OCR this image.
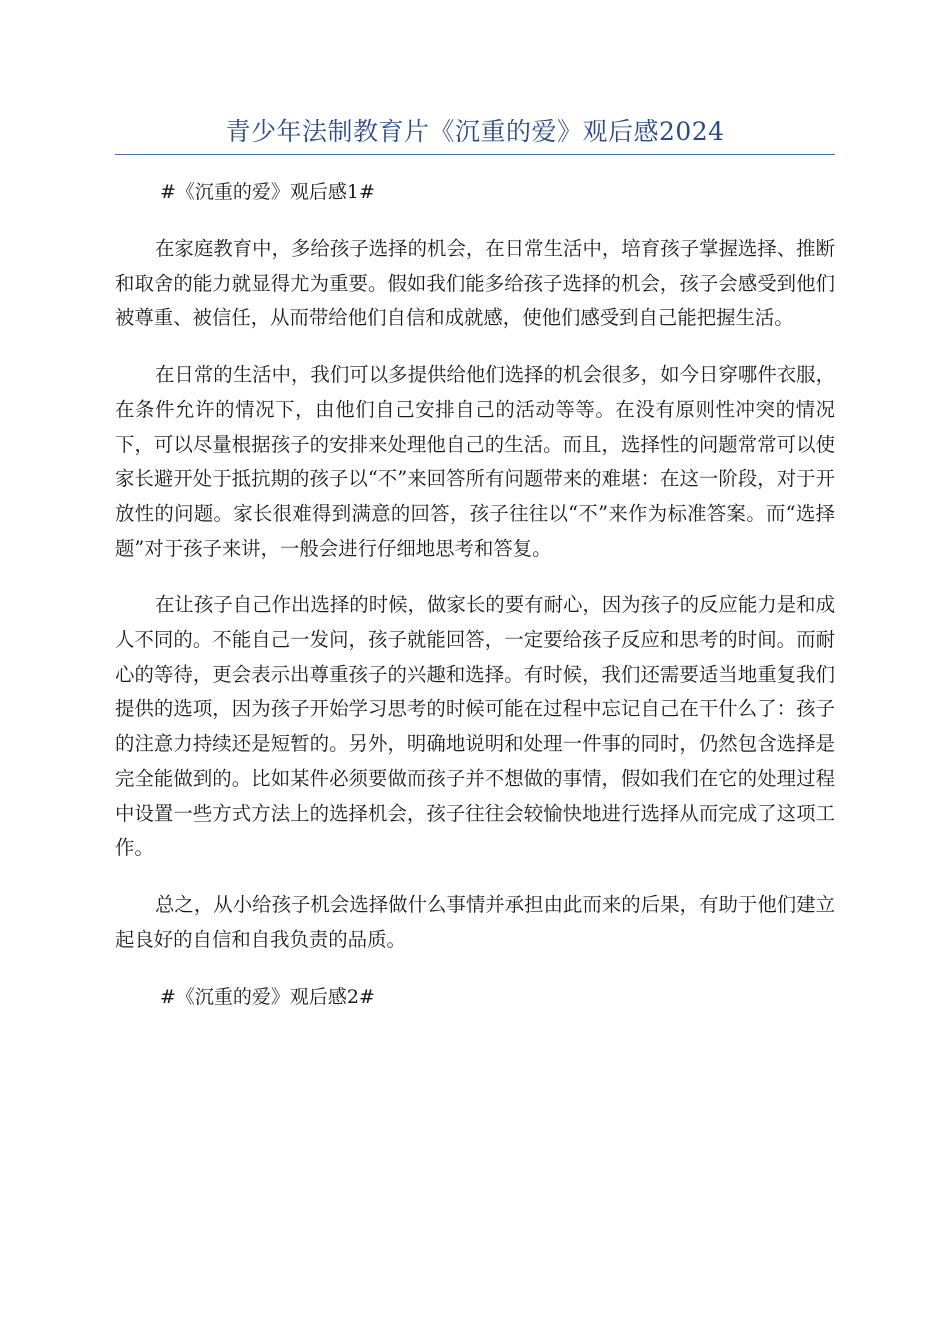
青少年法制教育片《沉重的爱》观后感2024
#《沉重的爱》观后感1#

在家庭教育中，多给孩子选择的机会，在日常生活中，培育孩子掌握选择、推断和取舍的能力就显得尤为重要。假如我们能多给孩子选择的机会，孩子会感受到他们被尊重、被信任，从而带给他们自信和成就感，使他们感受到自己能把握生活。

在日常的生活中，我们可以多提供给他们选择的机会很多，如今日穿哪件衣服，在条件允许的情况下，由他们自己安排自己的活动等等。在没有原则性冲突的情况下，可以尽量根据孩子的安排来处理他自己的生活。而且，选择性的问题常常可以使家长避开处于抵抗期的孩子以“不”来回答所有问题带来的难堪：在这一阶段，对于开放性的问题。家长很难得到满意的回答，孩子往往以“不”来作为标准答案。而“选择题”对于孩子来讲，一般会进行仔细地思考和答复。

在让孩子自己作出选择的时候，做家长的要有耐心，因为孩子的反应能力是和成人不同的。不能自己一发问，孩子就能回答，一定要给孩子反应和思考的时间。而耐心的等待，更会表示出尊重孩子的兴趣和选择。有时候，我们还需要适当地重复我们提供的选项，因为孩子开始学习思考的时候可能在过程中忘记自己在干什么了：孩子的注意力持续还是短暂的。另外，明确地说明和处理一件事的同时，仍然包含选择是完全能做到的。比如某件必须要做而孩子并不想做的事情，假如我们在它的处理过程中设置一些方式方法上的选择机会，孩子往往会较愉快地进行选择从而完成了这项工作。

总之，从小给孩子机会选择做什么事情并承担由此而来的后果，有助于他们建立起良好的自信和自我负责的品质。

#《沉重的爱》观后感2#
